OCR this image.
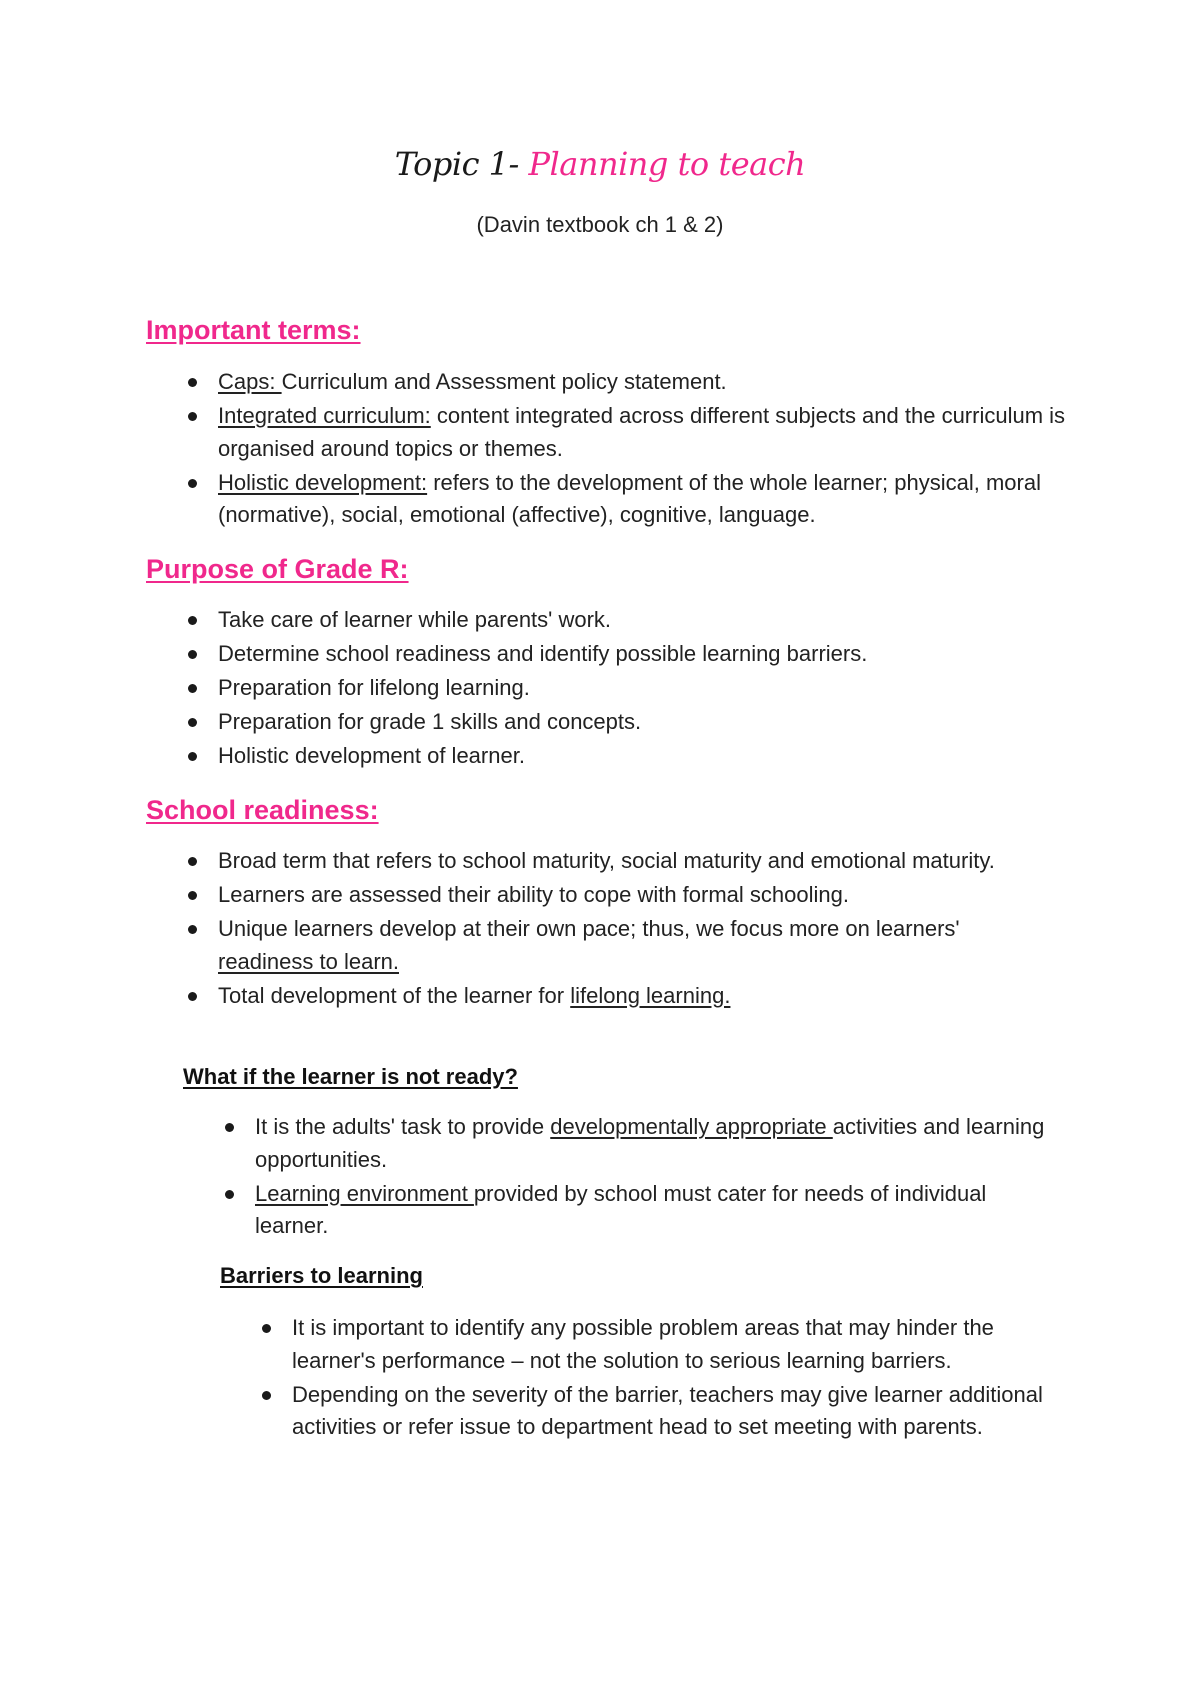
Topic 1- Planning to teach
(Davin textbook ch 1 & 2)
Important terms:
Caps: Curriculum and Assessment policy statement.
Integrated curriculum: content integrated across different subjects and the curriculum is organised around topics or themes.
Holistic development: refers to the development of the whole learner; physical, moral (normative), social, emotional (affective), cognitive, language.
Purpose of Grade R:
Take care of learner while parents' work.
Determine school readiness and identify possible learning barriers.
Preparation for lifelong learning.
Preparation for grade 1 skills and concepts.
Holistic development of learner.
School readiness:
Broad term that refers to school maturity, social maturity and emotional maturity.
Learners are assessed their ability to cope with formal schooling.
Unique learners develop at their own pace; thus, we focus more on learners' readiness to learn.
Total development of the learner for lifelong learning.
What if the learner is not ready?
It is the adults' task to provide developmentally appropriate activities and learning opportunities.
Learning environment provided by school must cater for needs of individual learner.
Barriers to learning
It is important to identify any possible problem areas that may hinder the learner's performance – not the solution to serious learning barriers.
Depending on the severity of the barrier, teachers may give learner additional activities or refer issue to department head to set meeting with parents.
